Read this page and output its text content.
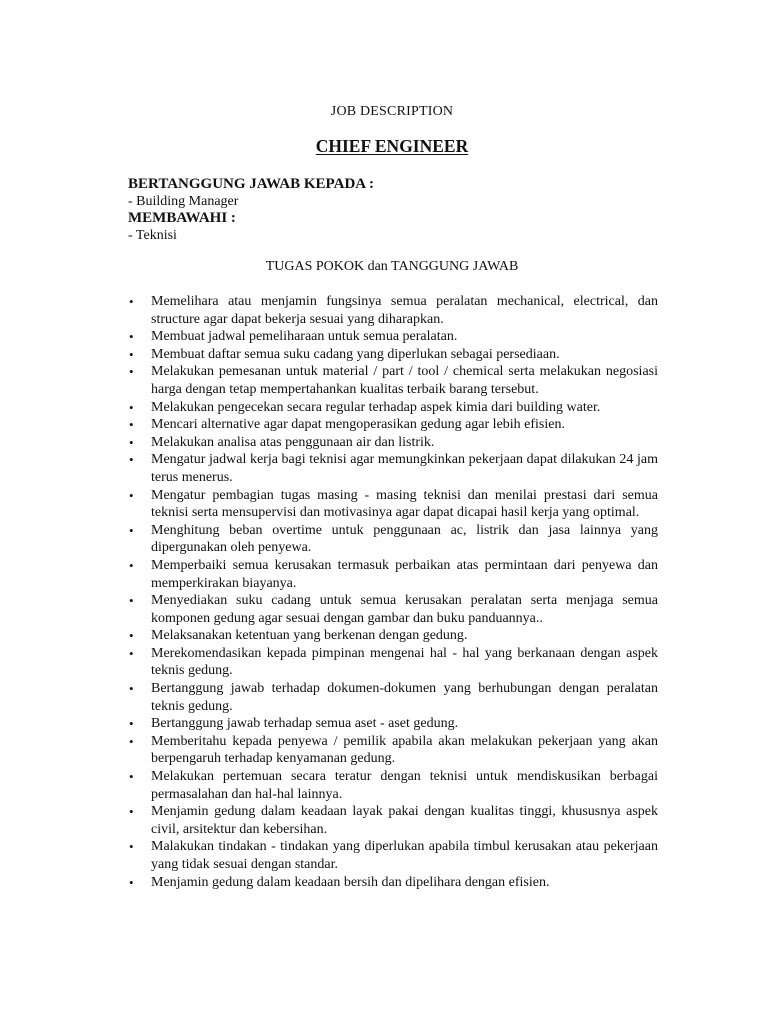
JOB DESCRIPTION
CHIEF ENGINEER
BERTANGGUNG JAWAB KEPADA :
- Building Manager
MEMBAWAHI :
- Teknisi
TUGAS POKOK dan TANGGUNG JAWAB
• Memelihara atau menjamin fungsinya semua peralatan mechanical, electrical, dan structure agar dapat bekerja sesuai yang diharapkan.
• Membuat jadwal pemeliharaan untuk semua peralatan.
• Membuat daftar semua suku cadang yang diperlukan sebagai persediaan.
• Melakukan pemesanan untuk material / part / tool / chemical serta melakukan negosiasi harga dengan tetap mempertahankan kualitas terbaik barang tersebut.
• Melakukan pengecekan secara regular terhadap aspek kimia dari building water.
• Mencari alternative agar dapat mengoperasikan gedung agar lebih efisien.
• Melakukan analisa atas penggunaan air dan listrik.
• Mengatur jadwal kerja bagi teknisi agar memungkinkan pekerjaan dapat dilakukan 24 jam terus menerus.
• Mengatur pembagian tugas masing - masing teknisi dan menilai prestasi dari semua teknisi serta mensupervisi dan motivasinya agar dapat dicapai hasil kerja yang optimal.
• Menghitung beban overtime untuk penggunaan ac, listrik dan jasa lainnya yang dipergunakan oleh penyewa.
• Memperbaiki semua kerusakan termasuk perbaikan atas permintaan dari penyewa dan memperkirakan biayanya.
• Menyediakan suku cadang untuk semua kerusakan peralatan serta menjaga semua komponen gedung agar sesuai dengan gambar dan buku panduannya..
• Melaksanakan ketentuan yang berkenan dengan gedung.
• Merekomendasikan kepada pimpinan mengenai hal - hal yang berkanaan dengan aspek teknis gedung.
• Bertanggung jawab terhadap dokumen-dokumen yang berhubungan dengan peralatan teknis gedung.
• Bertanggung jawab terhadap semua aset - aset gedung.
• Memberitahu kepada penyewa / pemilik apabila akan melakukan pekerjaan yang akan berpengaruh terhadap kenyamanan gedung.
• Melakukan pertemuan secara teratur dengan teknisi untuk mendiskusikan berbagai permasalahan dan hal-hal lainnya.
• Menjamin gedung dalam keadaan layak pakai dengan kualitas tinggi, khususnya aspek civil, arsitektur dan kebersihan.
• Malakukan tindakan - tindakan yang diperlukan apabila timbul kerusakan atau pekerjaan yang tidak sesuai dengan standar.
• Menjamin gedung dalam keadaan bersih dan dipelihara dengan efisien.
